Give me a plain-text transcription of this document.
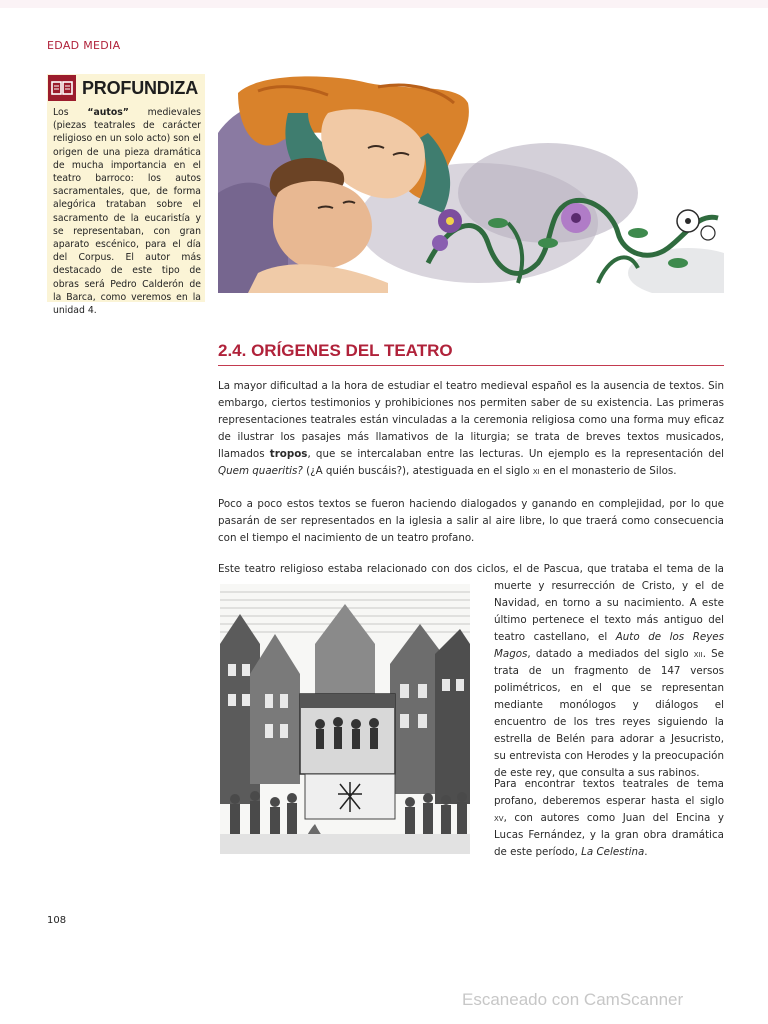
EDAD MEDIA
PROFUNDIZA

Los “autos” medievales (piezas teatrales de carácter religioso en un solo acto) son el origen de una pieza dramática de mucha importancia en el teatro barroco: los autos sacramentales, que, de forma alegórica trataban sobre el sacramento de la eucaristía y se representaban, con gran aparato escénico, para el día del Corpus. El autor más destacado de este tipo de obras será Pedro Calderón de la Barca, como veremos en la unidad 4.

2.4. ORÍGENES DEL TEATRO

La mayor dificultad a la hora de estudiar el teatro medieval español es la ausencia de textos. Sin embargo, ciertos testimonios y prohibiciones nos permiten saber de su existencia. Las primeras representaciones teatrales están vinculadas a la ceremonia religiosa como una forma muy eficaz de ilustrar los pasajes más llamativos de la liturgia; se trata de breves textos musicados, llamados tropos, que se intercalaban entre las lecturas. Un ejemplo es la representación del Quem quaeritis? (¿A quién buscáis?), atestiguada en el siglo xi en el monasterio de Silos.

Poco a poco estos textos se fueron haciendo dialogados y ganando en complejidad, por lo que pasarán de ser representados en la iglesia a salir al aire libre, lo que traerá como consecuencia con el tiempo el nacimiento de un teatro profano.

Este teatro religioso estaba relacionado con dos ciclos, el de Pascua, que trataba el tema de la

muerte y resurrección de Cristo, y el de Navidad, en torno a su nacimiento. A este último pertenece el texto más antiguo del teatro castellano, el Auto de los Reyes Magos, datado a mediados del siglo xii. Se trata de un fragmento de 147 versos polimétricos, en el que se representan mediante monólogos y diálogos el encuentro de los tres reyes siguiendo la estrella de Belén para adorar a Jesucristo, su entrevista con Herodes y la preocupación de este rey, que consulta a sus rabinos.

Para encontrar textos teatrales de tema profano, deberemos esperar hasta el siglo xv, con autores como Juan del Encina y Lucas Fernández, y la gran obra dramática de este período, La Celestina.

108
Escaneado con CamScanner
